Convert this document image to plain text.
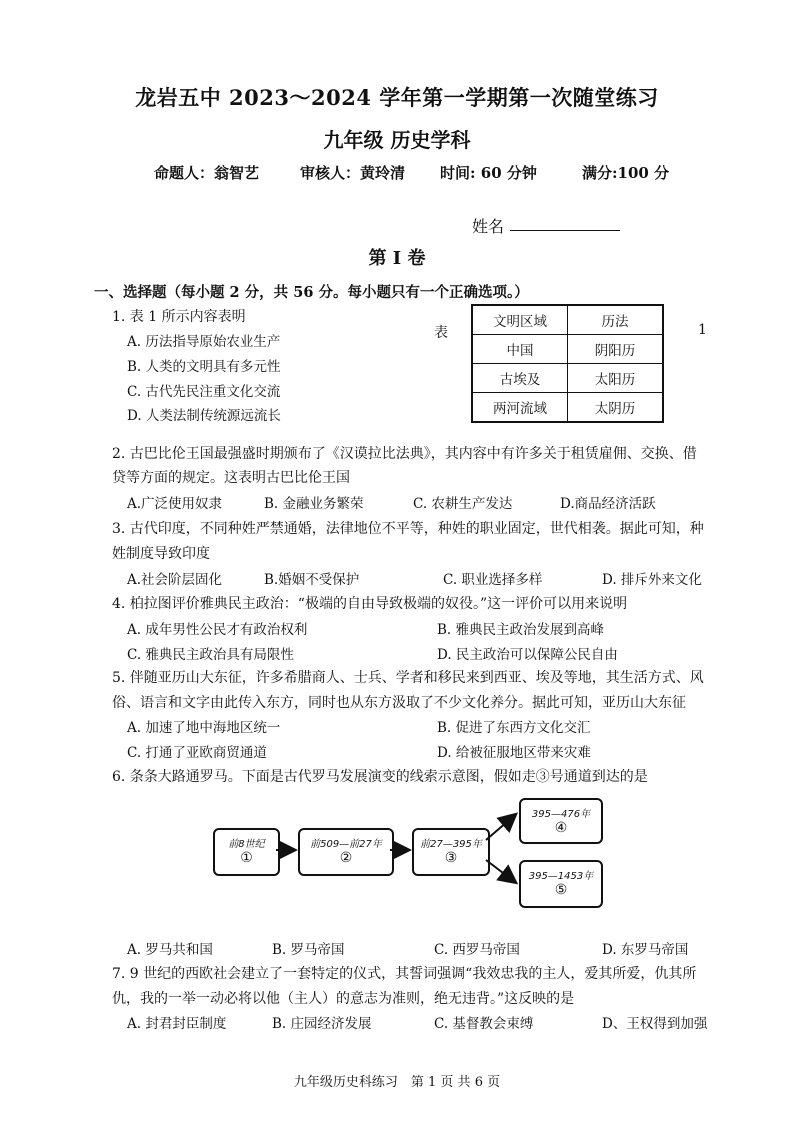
龙岩五中 2023～2024 学年第一学期第一次随堂练习
九年级 历史学科
命题人：翁智艺	审核人：黄玲清 时间: 60 分钟	满分:100 分
姓名
第 I 卷
一、选择题（每小题 2 分，共 56 分。每小题只有一个正确选项。）
1. 表 1 所示内容表明
A. 历法指导原始农业生产
B. 人类的文明具有多元性
C. 古代先民注重文化交流
D. 人类法制传统源远流长
表	1
文明区域	历法
中国	阴阳历
古埃及	太阳历
两河流域	太阴历
2. 古巴比伦王国最强盛时期颁布了《汉谟拉比法典》，其内容中有许多关于租赁雇佣、交换、借
贷等方面的规定。这表明古巴比伦王国
A.广泛使用奴隶	B. 金融业务繁荣	C. 农耕生产发达	D.商品经济活跃
3. 古代印度，不同种姓严禁通婚，法律地位不平等，种姓的职业固定，世代相袭。据此可知，种
姓制度导致印度
A.社会阶层固化	B.婚姻不受保护	C. 职业选择多样	D. 排斥外来文化
4. 柏拉图评价雅典民主政治：“极端的自由导致极端的奴役。”这一评价可以用来说明
A. 成年男性公民才有政治权利	B. 雅典民主政治发展到高峰
C. 雅典民主政治具有局限性	D. 民主政治可以保障公民自由
5. 伴随亚历山大东征，许多希腊商人、士兵、学者和移民来到西亚、埃及等地，其生活方式、风
俗、语言和文字由此传入东方，同时也从东方汲取了不少文化养分。据此可知，亚历山大东征
A. 加速了地中海地区统一	B. 促进了东西方文化交汇
C. 打通了亚欧商贸通道	D. 给被征服地区带来灾难
6. 条条大路通罗马。下面是古代罗马发展演变的线索示意图，假如走③号通道到达的是
前8世纪
①
前509—前27年
②
前27—395年
③
395—476年
④
395—1453年
⑤
A. 罗马共和国	B. 罗马帝国	C. 西罗马帝国	D. 东罗马帝国
7. 9 世纪的西欧社会建立了一套特定的仪式，其誓词强调“我效忠我的主人，爱其所爱，仇其所
仇，我的一举一动必将以他（主人）的意志为准则，绝无违背。”这反映的是
A. 封君封臣制度	B. 庄园经济发展	C. 基督教会束缚	D、王权得到加强
九年级历史科练习　第 1 页 共 6 页
